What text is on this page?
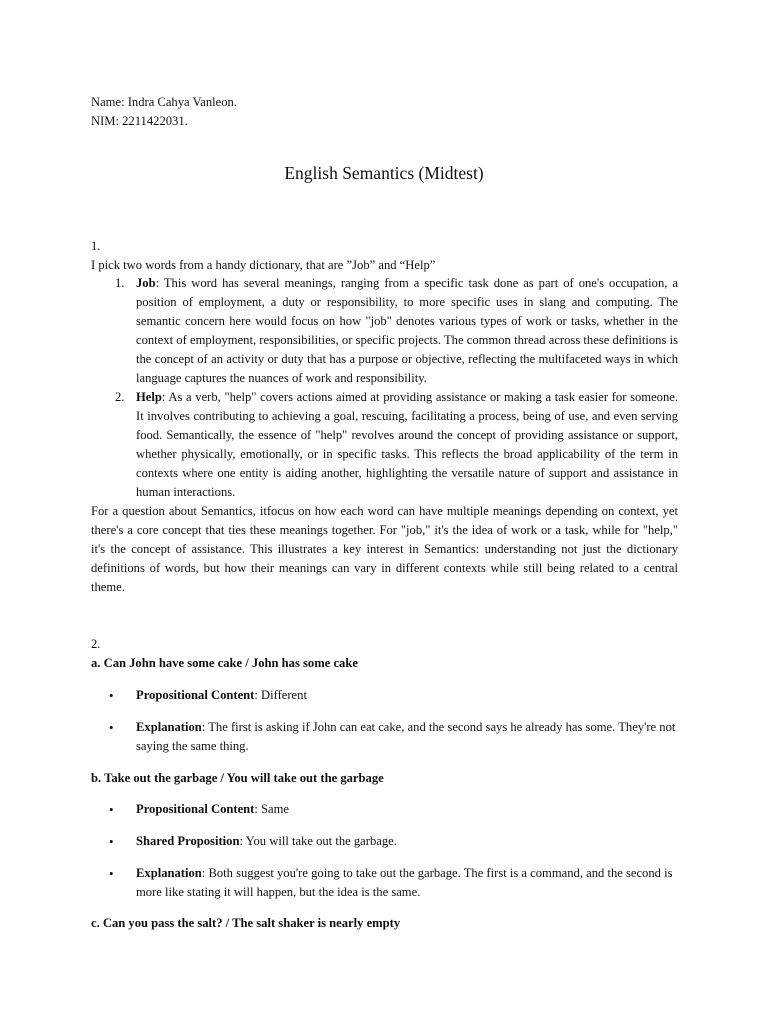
Name: Indra Cahya Vanleon.
NIM: 2211422031.
English Semantics (Midtest)
1.
I pick two words from a handy dictionary, that are ”Job” and “Help”
1. Job: This word has several meanings, ranging from a specific task done as part of one's occupation, a position of employment, a duty or responsibility, to more specific uses in slang and computing. The semantic concern here would focus on how "job" denotes various types of work or tasks, whether in the context of employment, responsibilities, or specific projects. The common thread across these definitions is the concept of an activity or duty that has a purpose or objective, reflecting the multifaceted ways in which language captures the nuances of work and responsibility.
2. Help: As a verb, "help" covers actions aimed at providing assistance or making a task easier for someone. It involves contributing to achieving a goal, rescuing, facilitating a process, being of use, and even serving food. Semantically, the essence of "help" revolves around the concept of providing assistance or support, whether physically, emotionally, or in specific tasks. This reflects the broad applicability of the term in contexts where one entity is aiding another, highlighting the versatile nature of support and assistance in human interactions.
For a question about Semantics, itfocus on how each word can have multiple meanings depending on context, yet there's a core concept that ties these meanings together. For "job," it's the idea of work or a task, while for "help," it's the concept of assistance. This illustrates a key interest in Semantics: understanding not just the dictionary definitions of words, but how their meanings can vary in different contexts while still being related to a central theme.
2.
a. Can John have some cake / John has some cake
• Propositional Content: Different
• Explanation: The first is asking if John can eat cake, and the second says he already has some. They're not saying the same thing.
b. Take out the garbage / You will take out the garbage
• Propositional Content: Same
• Shared Proposition: You will take out the garbage.
• Explanation: Both suggest you're going to take out the garbage. The first is a command, and the second is more like stating it will happen, but the idea is the same.
c. Can you pass the salt? / The salt shaker is nearly empty
